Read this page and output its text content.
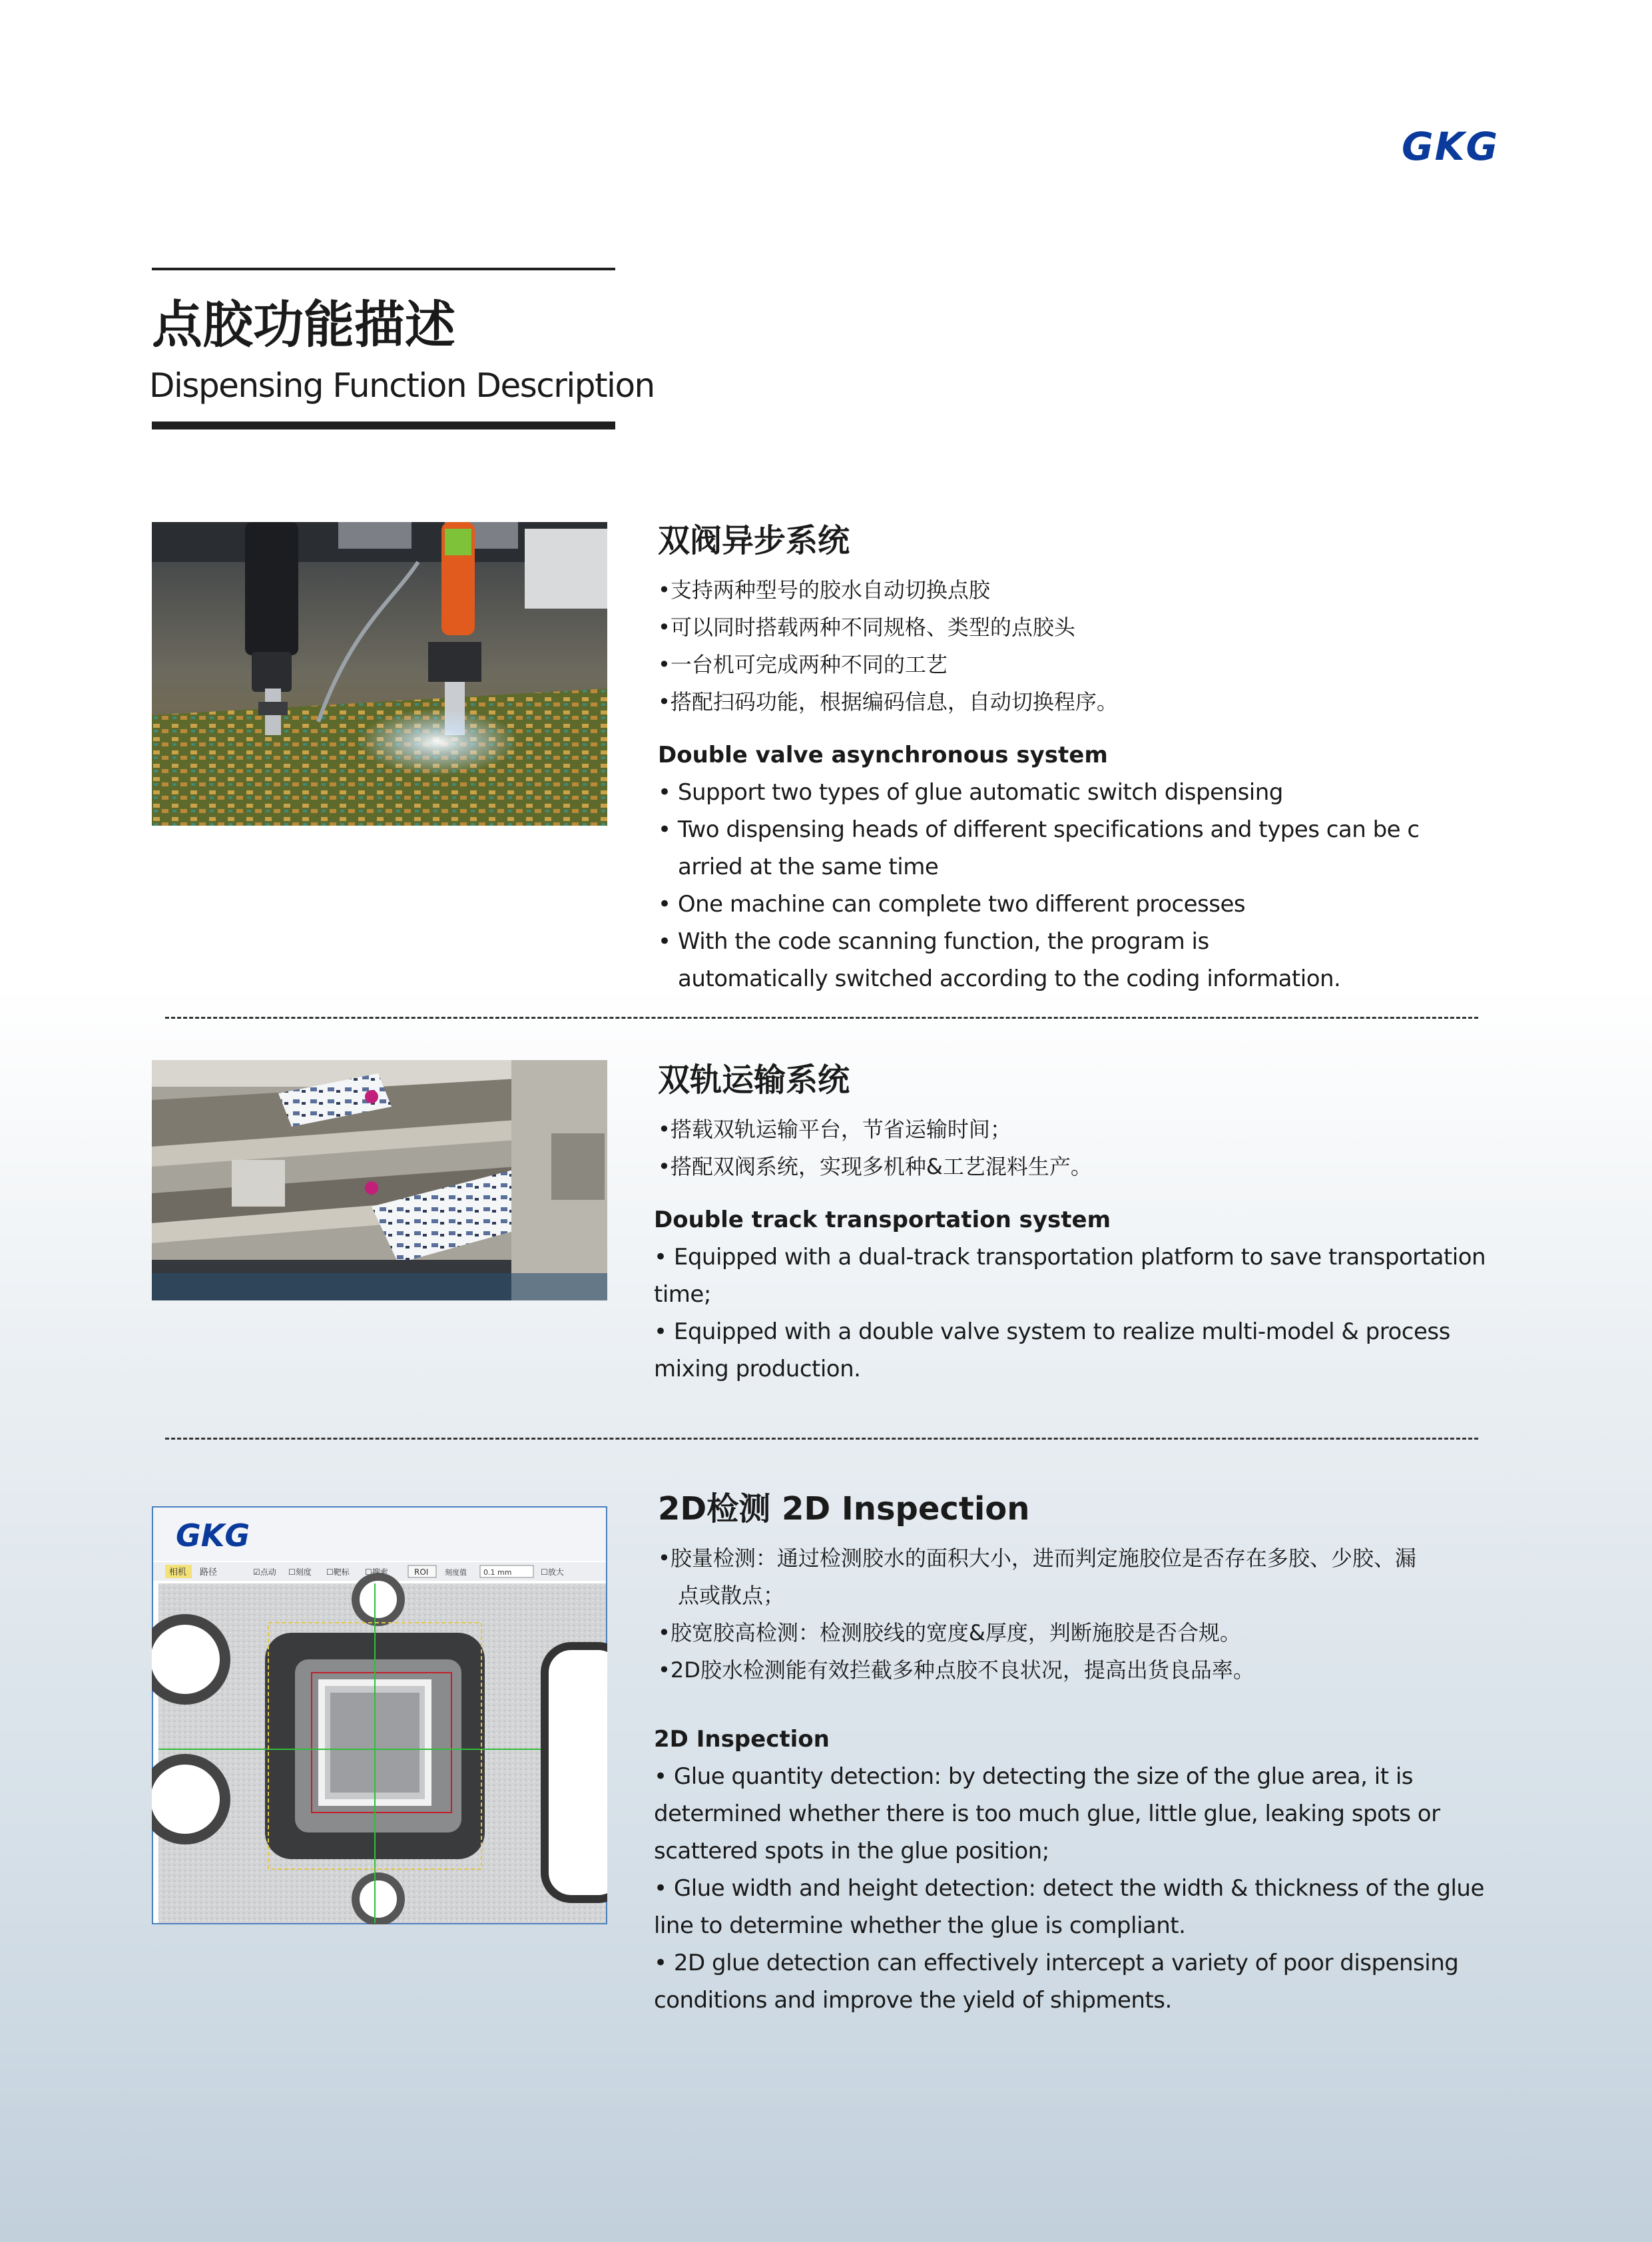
GKG
点胶功能描述
Dispensing Function Description
双阀异步系统
•支持两种型号的胶水自动切换点胶
•可以同时搭载两种不同规格、类型的点胶头
•一台机可完成两种不同的工艺
•搭配扫码功能，根据编码信息，自动切换程序。
Double valve asynchronous system
• Support two types of glue automatic switch dispensing
• Two dispensing heads of different specifications and types can be c
arried at the same time
• One machine can complete two different processes
• With the code scanning function, the program is
automatically switched according to the coding information.
双轨运输系统
•搭载双轨运输平台，节省运输时间；
•搭配双阀系统，实现多机种&工艺混料生产。
Double track transportation system
• Equipped with a dual-track transportation platform to save transportation
time;
• Equipped with a double valve system to realize multi-model & process
mixing production.
GKG
相机 路径	☑点动 ☐刻度 ☐靶标 ☐搜索	ROI 刻度值 0.1 mm	☐放大
2D检测 2D Inspection
•胶量检测：通过检测胶水的面积大小，进而判定施胶位是否存在多胶、少胶、漏
点或散点；
•胶宽胶高检测：检测胶线的宽度&厚度，判断施胶是否合规。
•2D胶水检测能有效拦截多种点胶不良状况，提高出货良品率。
2D Inspection
• Glue quantity detection: by detecting the size of the glue area, it is
determined whether there is too much glue, little glue, leaking spots or
scattered spots in the glue position;
• Glue width and height detection: detect the width & thickness of the glue
line to determine whether the glue is compliant.
• 2D glue detection can effectively intercept a variety of poor dispensing
conditions and improve the yield of shipments.
